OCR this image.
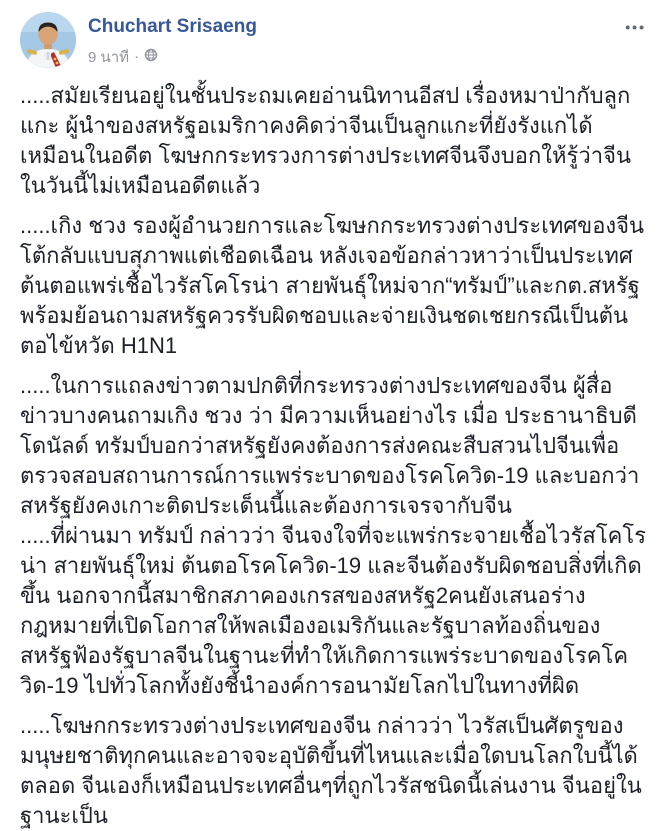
Chuchart Srisaeng
9 นาที ·
•••

.....สมัยเรียนอยู่ในชั้นประถมเคยอ่านนิทานอีสป เรื่องหมาป่ากับลูกแกะ ผู้นำของสหรัฐอเมริกาคงคิดว่าจีนเป็นลูกแกะที่ยังรังแกได้เหมือนในอดีต โฆษกกระทรวงการต่างประเทศจีนจึงบอกให้รู้ว่าจีนในวันนี้ไม่เหมือนอดีตแล้ว

.....เกิง ชวง รองผู้อำนวยการและโฆษกกระทรวงต่างประเทศของจีน โต้กลับแบบสุภาพแต่เชือดเฉือน หลังเจอข้อกล่าวหาว่าเป็นประเทศต้นตอแพร่เชื้อไวรัสโคโรน่า สายพันธุ์ใหม่จาก“ทรัมป์”และกต.สหรัฐ พร้อมย้อนถามสหรัฐควรรับผิดชอบและจ่ายเงินชดเชยกรณีเป็นต้นตอไข้หวัด H1N1

.....ในการแถลงข่าวตามปกติที่กระทรวงต่างประเทศของจีน ผู้สื่อข่าวบางคนถามเกิง ชวง ว่า มีความเห็นอย่างไร เมื่อ ประธานาธิบดีโดนัลด์ ทรัมป์บอกว่าสหรัฐยังคงต้องการส่งคณะสืบสวนไปจีนเพื่อตรวจสอบสถานการณ์การแพร่ระบาดของโรคโควิด-19 และบอกว่าสหรัฐยังคงเกาะติดประเด็นนี้และต้องการเจรจากับจีน

.....ที่ผ่านมา ทรัมป์ กล่าวว่า จีนจงใจที่จะแพร่กระจายเชื้อไวรัสโคโรน่า สายพันธุ์ใหม่ ต้นตอโรคโควิด-19 และจีนต้องรับผิดชอบสิ่งที่เกิดขึ้น นอกจากนี้สมาชิกสภาคองเกรสของสหรัฐ2คนยังเสนอร่างกฎหมายที่เปิดโอกาสให้พลเมืองอเมริกันและรัฐบาลท้องถิ่นของสหรัฐฟ้องรัฐบาลจีนในฐานะที่ทำให้เกิดการแพร่ระบาดของโรคโควิด-19 ไปทั่วโลกทั้งยังชี้นำองค์การอนามัยโลกไปในทางที่ผิด

.....โฆษกกระทรวงต่างประเทศของจีน กล่าวว่า ไวรัสเป็นศัตรูของมนุษยชาติทุกคนและอาจจะอุบัติขึ้นที่ไหนและเมื่อใดบนโลกใบนี้ได้ตลอด จีนเองก็เหมือนประเทศอื่นๆที่ถูกไวรัสชนิดนี้เล่นงาน จีนอยู่ในฐานะเป็น
